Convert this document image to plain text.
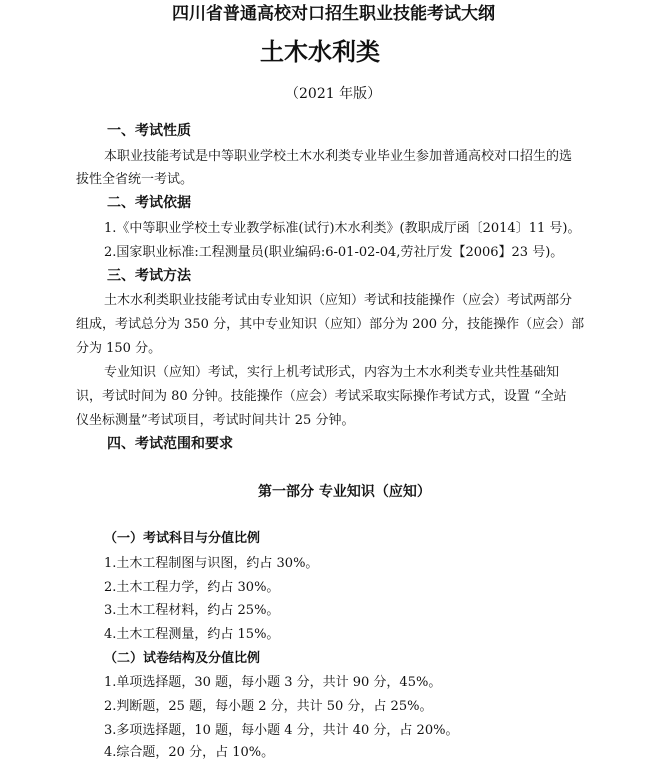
四川省普通高校对口招生职业技能考试大纲
土木水利类
（2021 年版）
一、考试性质
本职业技能考试是中等职业学校土木水利类专业毕业生参加普通高校对口招生的选
拔性全省统一考试。
二、考试依据
1.《中等职业学校土专业教学标准(试行)木水利类》(教职成厅函〔2014〕11 号)。
2.国家职业标准:工程测量员(职业编码:6-01-02-04,劳社厅发【2006】23 号)。
三、考试方法
土木水利类职业技能考试由专业知识（应知）考试和技能操作（应会）考试两部分
组成，考试总分为 350 分，其中专业知识（应知）部分为 200 分，技能操作（应会）部
分为 150 分。
专业知识（应知）考试，实行上机考试形式，内容为土木水利类专业共性基础知
识，考试时间为 80 分钟。技能操作（应会）考试采取实际操作考试方式，设置 “全站
仪坐标测量”考试项目，考试时间共计 25 分钟。
四、考试范围和要求
第一部分 专业知识（应知）
（一）考试科目与分值比例
1.土木工程制图与识图，约占 30%。
2.土木工程力学，约占 30%。
3.土木工程材料，约占 25%。
4.土木工程测量，约占 15%。
（二）试卷结构及分值比例
1.单项选择题，30 题，每小题 3 分，共计 90 分，45%。
2.判断题，25 题，每小题 2 分，共计 50 分，占 25%。
3.多项选择题，10 题，每小题 4 分，共计 40 分，占 20%。
4.综合题，20 分，占 10%。
